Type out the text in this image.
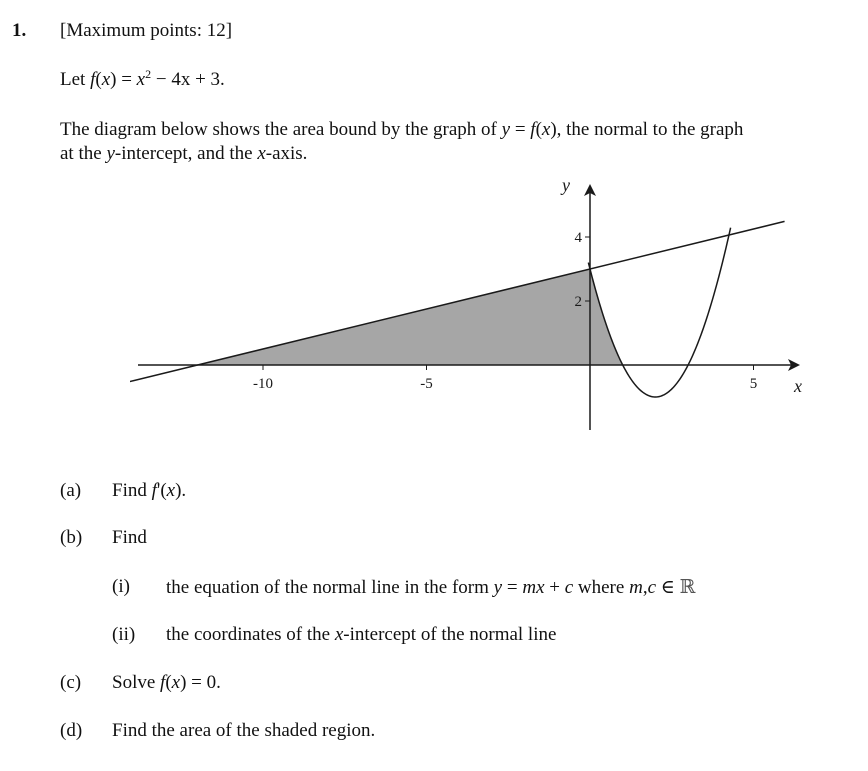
1. [Maximum points: 12]
Let $f(x) = x^2 - 4x + 3$.
The diagram below shows the area bound by the graph of y = f(x), the normal to the graph
at the y-intercept, and the x-axis.
-10	-5	5
2
4
x
y
(a) Find f'(x).
(b) Find
(i) the equation of the normal line in the form y = mx + c where m,c ∈ ℝ
(ii) the coordinates of the x-intercept of the normal line
(c) Solve f(x) = 0.
(d) Find the area of the shaded region.
